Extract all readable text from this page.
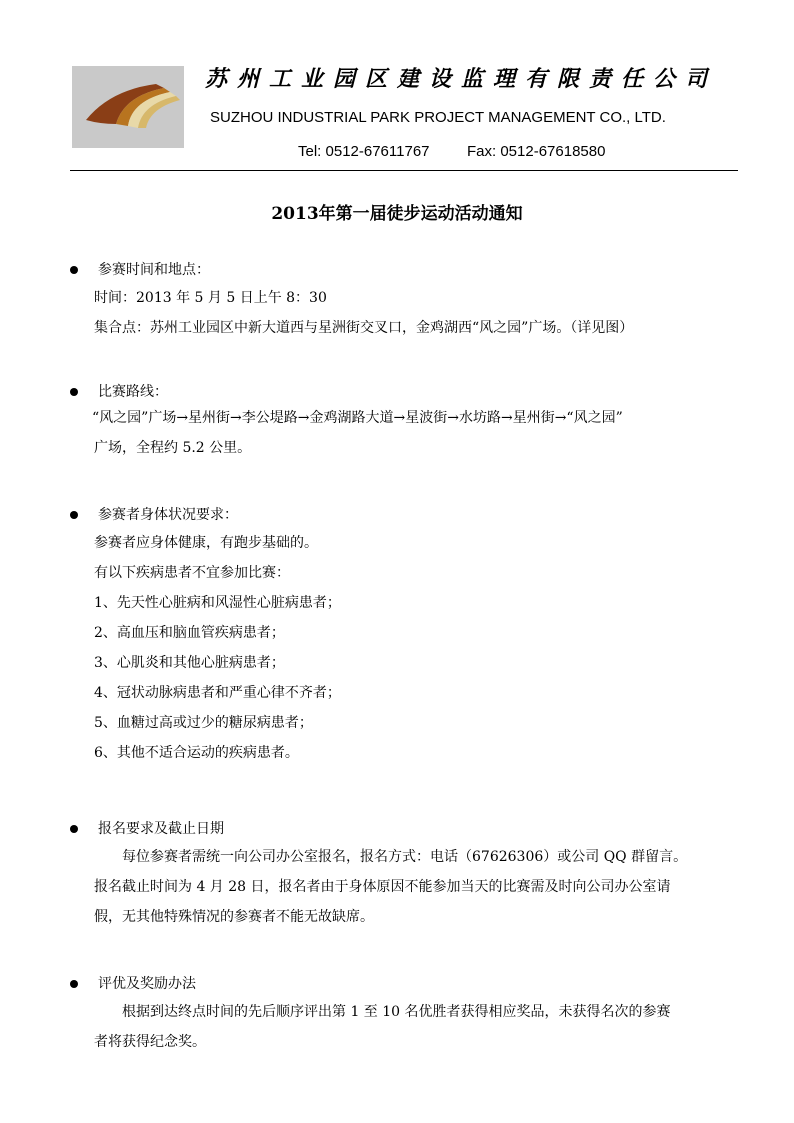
苏州工业园区建设监理有限责任公司
SUZHOU INDUSTRIAL PARK PROJECT MANAGEMENT CO., LTD.
Tel: 0512-67611767	Fax: 0512-67618580
2013年第一届徒步运动活动通知
参赛时间和地点：
时间：2013 年 5 月 5 日上午 8：30
集合点：苏州工业园区中新大道西与星洲街交叉口，金鸡湖西“风之园”广场。（详见图）
比赛路线：
“风之园”广场→星州街→李公堤路→金鸡湖路大道→星波街→水坊路→星州街→“风之园”
广场，全程约 5.2 公里。
参赛者身体状况要求：
参赛者应身体健康，有跑步基础的。
有以下疾病患者不宜参加比赛：
1、先天性心脏病和风湿性心脏病患者；
2、高血压和脑血管疾病患者；
3、心肌炎和其他心脏病患者；
4、冠状动脉病患者和严重心律不齐者；
5、血糖过高或过少的糖尿病患者；
6、其他不适合运动的疾病患者。
报名要求及截止日期
每位参赛者需统一向公司办公室报名，报名方式：电话（67626306）或公司 QQ 群留言。
报名截止时间为 4 月 28 日，报名者由于身体原因不能参加当天的比赛需及时向公司办公室请
假，无其他特殊情况的参赛者不能无故缺席。
评优及奖励办法
根据到达终点时间的先后顺序评出第 1 至 10 名优胜者获得相应奖品，未获得名次的参赛
者将获得纪念奖。
